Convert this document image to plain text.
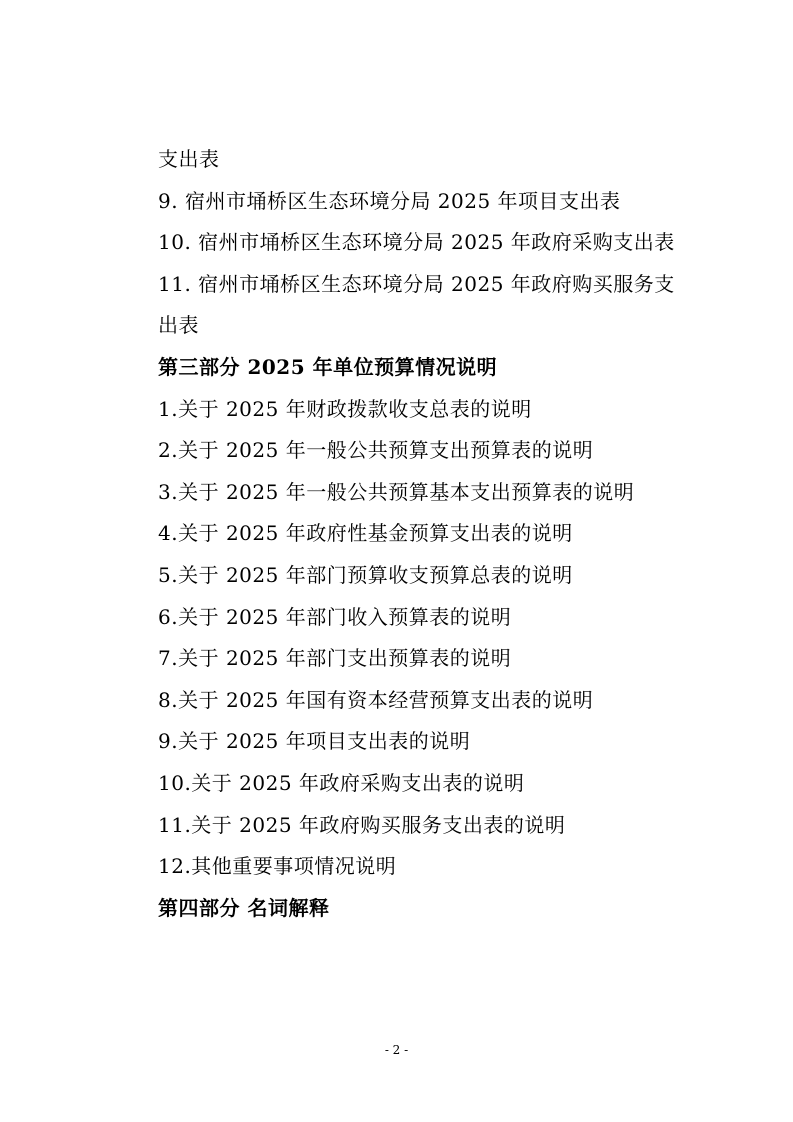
支出表
9. 宿州市埇桥区生态环境分局 2025 年项目支出表
10. 宿州市埇桥区生态环境分局 2025 年政府采购支出表
11. 宿州市埇桥区生态环境分局 2025 年政府购买服务支
出表
第三部分 2025 年单位预算情况说明
1.关于 2025 年财政拨款收支总表的说明
2.关于 2025 年一般公共预算支出预算表的说明
3.关于 2025 年一般公共预算基本支出预算表的说明
4.关于 2025 年政府性基金预算支出表的说明
5.关于 2025 年部门预算收支预算总表的说明
6.关于 2025 年部门收入预算表的说明
7.关于 2025 年部门支出预算表的说明
8.关于 2025 年国有资本经营预算支出表的说明
9.关于 2025 年项目支出表的说明
10.关于 2025 年政府采购支出表的说明
11.关于 2025 年政府购买服务支出表的说明
12.其他重要事项情况说明
第四部分 名词解释
- 2 -
